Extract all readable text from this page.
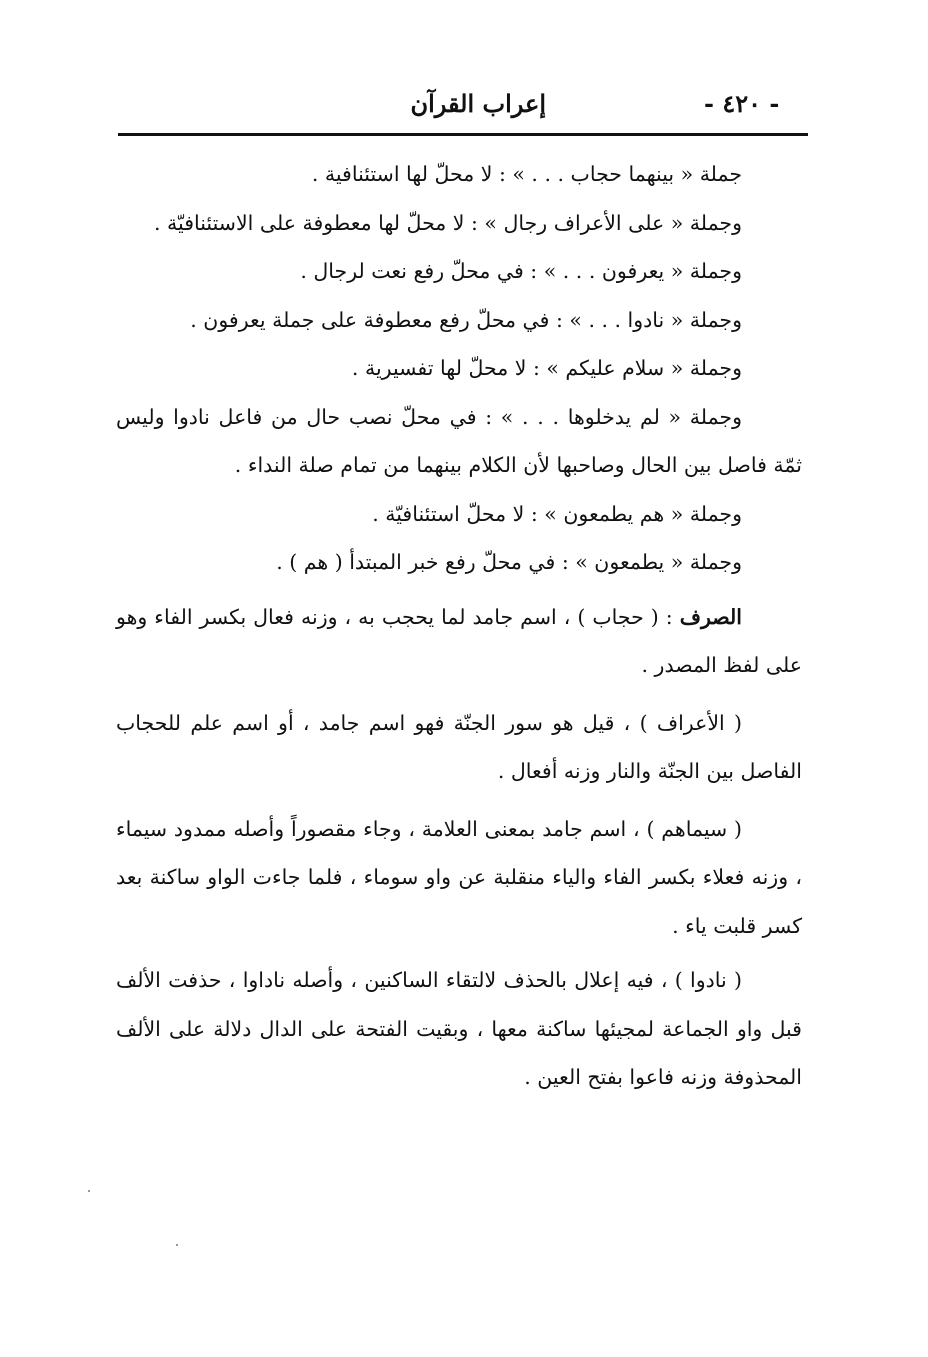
- ٤٢٠ -
إعراب القرآن

جملة « بينهما حجاب . . . » : لا محلّ لها استئنافية .

وجملة « على الأعراف رجال » : لا محلّ لها معطوفة على الاستئنافيّة .

وجملة « يعرفون . . . » : في محلّ رفع نعت لرجال .

وجملة « نادوا . . . » : في محلّ رفع معطوفة على جملة يعرفون .

وجملة « سلام عليكم » : لا محلّ لها تفسيرية .

وجملة « لم يدخلوها . . . » : في محلّ نصب حال من فاعل نادوا وليس ثمّة فاصل بين الحال وصاحبها لأن الكلام بينهما من تمام صلة النداء .

وجملة « هم يطمعون » : لا محلّ استئنافيّة .

وجملة « يطمعون » : في محلّ رفع خبر المبتدأ ( هم ) .

الصرف : ( حجاب ) ، اسم جامد لما يحجب به ، وزنه فعال بكسر الفاء وهو على لفظ المصدر .

( الأعراف ) ، قيل هو سور الجنّة فهو اسم جامد ، أو اسم علم للحجاب الفاصل بين الجنّة والنار وزنه أفعال .

( سيماهم ) ، اسم جامد بمعنى العلامة ، وجاء مقصوراً وأصله ممدود سيماء ، وزنه فعلاء بكسر الفاء والياء منقلبة عن واو سوماء ، فلما جاءت الواو ساكنة بعد كسر قلبت ياء .

( نادوا ) ، فيه إعلال بالحذف لالتقاء الساكنين ، وأصله ناداوا ، حذفت الألف قبل واو الجماعة لمجيئها ساكنة معها ، وبقيت الفتحة على الدال دلالة على الألف المحذوفة وزنه فاعوا بفتح العين .
